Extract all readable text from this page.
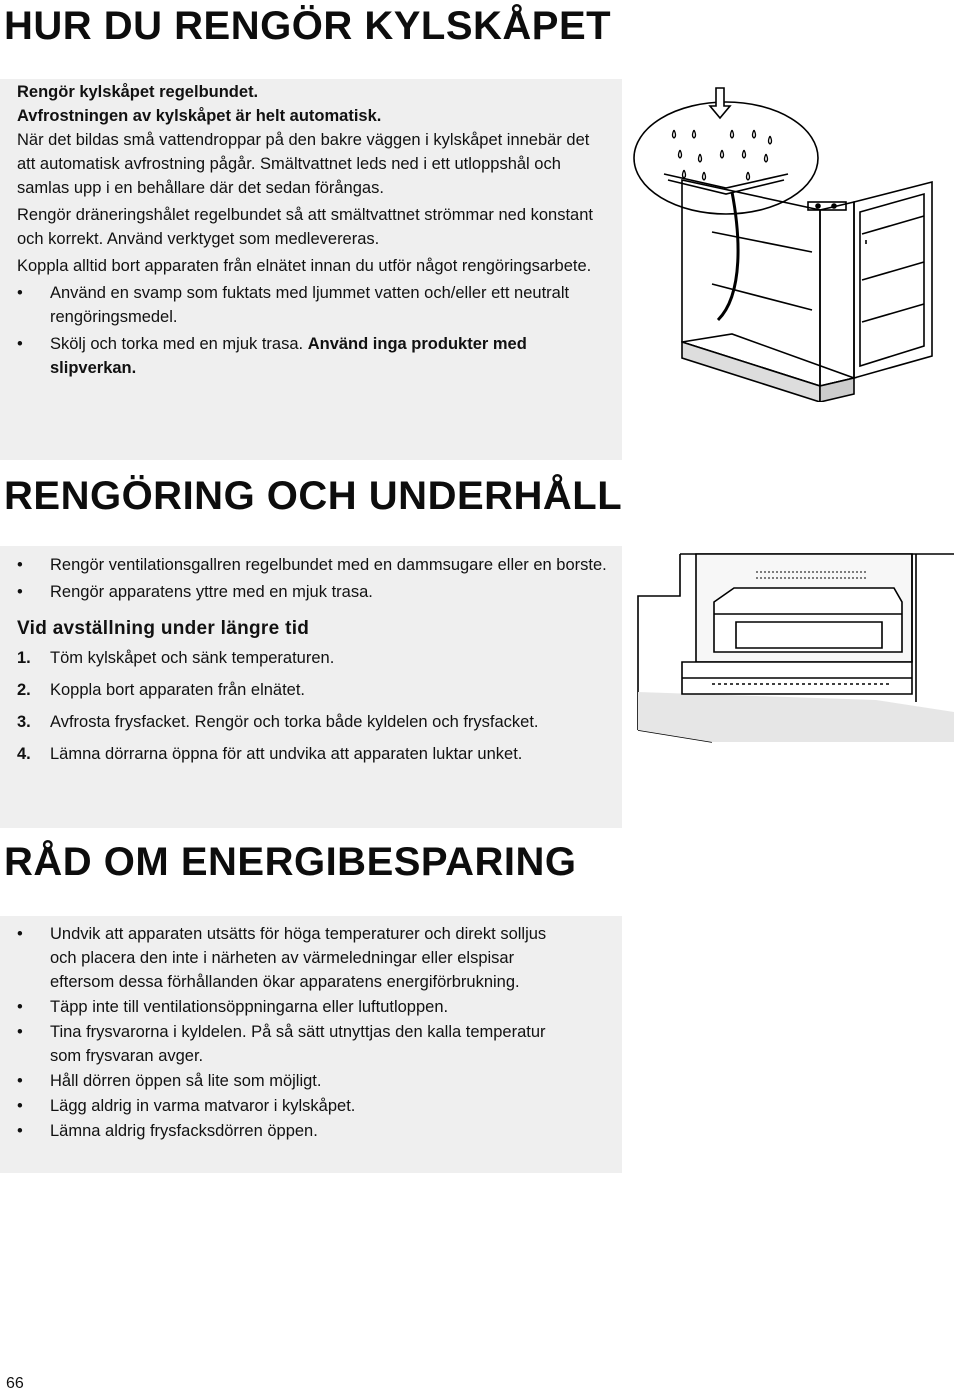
HUR DU RENGÖR KYLSKÅPET

Rengör kylskåpet regelbundet.

Avfrostningen av kylskåpet är helt automatisk.

När det bildas små vattendroppar på den bakre väggen i kylskåpet innebär det att automatisk avfrostning pågår. Smältvattnet leds ned i ett utloppshål och samlas upp i en behållare där det sedan förångas.

Rengör dräneringshålet regelbundet så att smältvattnet strömmar ned konstant och korrekt. Använd verktyget som medlevereras.

Koppla alltid bort apparaten från elnätet innan du utför något rengöringsarbete.

•	Använd en svamp som fuktats med ljummet vatten och/eller ett neutralt rengöringsmedel.
•	Skölj och torka med en mjuk trasa. Använd inga produkter med slipverkan.
RENGÖRING OCH UNDERHÅLL
•	Rengör ventilationsgallren regelbundet med en dammsugare eller en borste.
•	Rengör apparatens yttre med en mjuk trasa.
Vid avställning under längre tid
1.	Töm kylskåpet och sänk temperaturen.
2.	Koppla bort apparaten från elnätet.
3.	Avfrosta frysfacket. Rengör och torka både kyldelen och frysfacket.
4.	Lämna dörrarna öppna för att undvika att apparaten luktar unket.
RÅD OM ENERGIBESPARING
•	Undvik att apparaten utsätts för höga temperaturer och direkt solljus och placera den inte i närheten av värmeledningar eller elspisar eftersom dessa förhållanden ökar apparatens energiförbrukning.
•	Täpp inte till ventilationsöppningarna eller luftutloppen.
•	Tina frysvarorna i kyldelen. På så sätt utnyttjas den kalla temperatur som frysvaran avger.
•	Håll dörren öppen så lite som möjligt.
•	Lägg aldrig in varma matvaror i kylskåpet.
•	Lämna aldrig frysfacksdörren öppen.
66
